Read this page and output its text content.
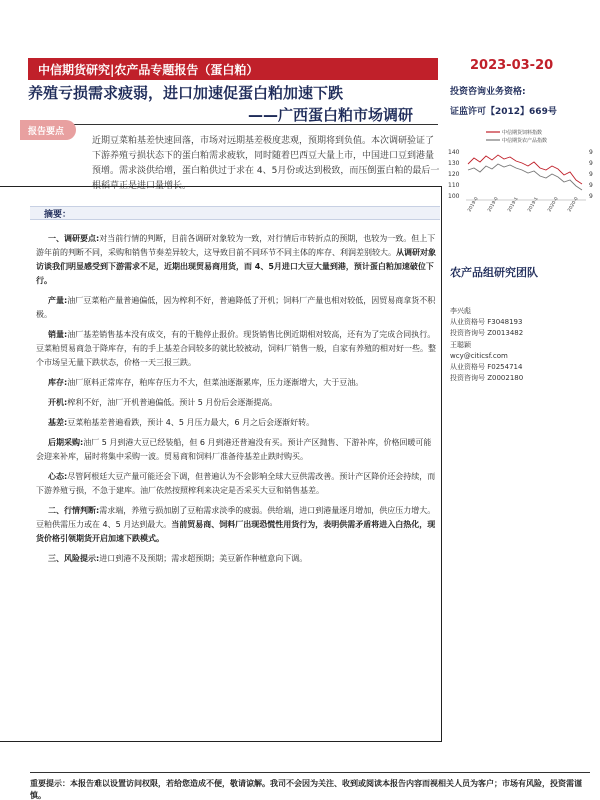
中信期货研究|农产品专题报告（蛋白粕）	2023-03-20
养殖亏损需求疲弱，进口加速促蛋白粕加速下跌
——广西蛋白粕市场调研
投资咨询业务资格:
证监许可【2012】669号
中信期货饲料指数
中信期货农产品指数
140
130
120
110
100
9
9
9
9
9
2019-0 2019-0 2019-1 2019-1 2020-0 2020-0
报告要点
近期豆菜粕基差快速回落，市场对远期基差极度悲观，预期将到负值。本次调研验证了下游养殖亏损状态下的蛋白粕需求疲软，同时随着巴西豆大量上市，中国进口豆到港量预增。需求淡供给增，蛋白粕供过于求在 4、5月份或达到极致，而压倒蛋白粕的最后一根稻草正是进口量增长。
摘要：

一、调研要点:对当前行情的判断，目前各调研对象较为一致，对行情后市转折点的预期，也较为一致。但上下游年前的判断不同，采购和销售节奏差异较大，这导致目前不同环节不同主体的库存、利润差别较大。从调研对象访谈我们明显感受到下游需求不足，近期出现贸易商用货，而 4、5月进口大豆大量到港，预计蛋白粕加速破位下行。

产量:油厂豆菜粕产量普遍偏低，因为榨利不好，普遍降低了开机；饲料厂产量也相对较低，因贸易商拿货不积极。

销量:油厂基差销售基本没有成交，有的干脆停止报价。现货销售比例近期相对较高，还有为了完成合同执行。豆菜粕贸易商急于降库存，有的手上基差合同较多的就比较被动，饲料厂销售一般，自家有养殖的相对好一些。整个市场呈无量下跌状态，价格一天三报三跌。

库存:油厂原料正常库存，粕库存压力不大，但菜油逐渐累库，压力逐渐增大，大于豆油。

开机:榨利不好，油厂开机普遍偏低。预计 5 月份后会逐渐提高。

基差:豆菜粕基差普遍看跌，预计 4、5 月压力最大，6 月之后会逐渐好转。

后期采购:油厂 5 月到港大豆已经装船，但 6 月到港还普遍没有买。预计产区抛售、下游补库，价格回暖可能会迎来补库，届时将集中采购一波。贸易商和饲料厂准备待基差止跌时购买。

心态:尽管阿根廷大豆产量可能还会下调，但普遍认为不会影响全球大豆供需改善。预计产区降价还会持续，而下游养殖亏损，不急于建库。油厂依然按照榨利来决定是否采买大豆和销售基差。

二、行情判断:需求端，养殖亏损加剧了豆粕需求淡季的疲弱。供给端，进口到港量逐月增加，供应压力增大。豆粕供需压力或在 4、5 月达到最大。当前贸易商、饲料厂出现恐慌性用货行为，表明供需矛盾将进入白热化，现货价格引领期货开启加速下跌模式。

三、风险提示:进口到港不及预期；需求超预期；美豆新作种植意向下调。

农产品组研究团队
李兴彪
从业资格号 F3048193
投资咨询号 Z0013482
王聪颖
wcy@citicsf.com
从业资格号 F0254714
投资咨询号 Z0002180
重要提示：本报告难以设置访问权限，若给您造成不便，敬请谅解。我司不会因为关注、收到或阅读本报告内容而视相关人员为客户；市场有风险，投资需谨慎。
